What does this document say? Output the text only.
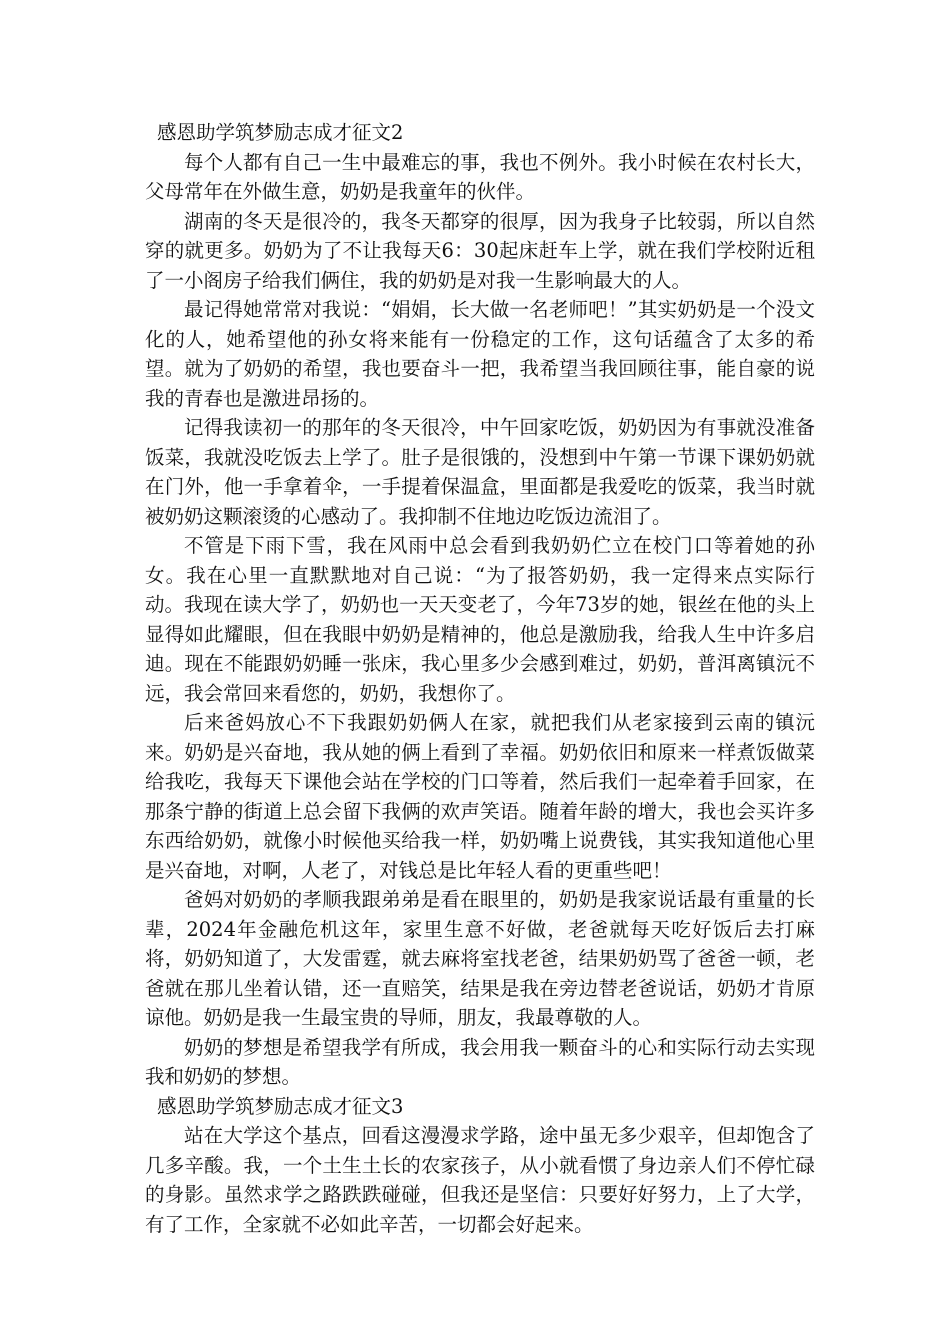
感恩助学筑梦励志成才征文2

每个人都有自己一生中最难忘的事，我也不例外。我小时候在农村长大，父母常年在外做生意，奶奶是我童年的伙伴。

湖南的冬天是很冷的，我冬天都穿的很厚，因为我身子比较弱，所以自然穿的就更多。奶奶为了不让我每天6：30起床赶车上学，就在我们学校附近租了一小阁房子给我们俩住，我的奶奶是对我一生影响最大的人。

最记得她常常对我说：“娟娟，长大做一名老师吧！”其实奶奶是一个没文化的人，她希望他的孙女将来能有一份稳定的工作，这句话蕴含了太多的希望。就为了奶奶的希望，我也要奋斗一把，我希望当我回顾往事，能自豪的说我的青春也是激进昂扬的。

记得我读初一的那年的冬天很冷，中午回家吃饭，奶奶因为有事就没准备饭菜，我就没吃饭去上学了。肚子是很饿的，没想到中午第一节课下课奶奶就在门外，他一手拿着伞，一手提着保温盒，里面都是我爱吃的饭菜，我当时就被奶奶这颗滚烫的心感动了。我抑制不住地边吃饭边流泪了。

不管是下雨下雪，我在风雨中总会看到我奶奶伫立在校门口等着她的孙女。我在心里一直默默地对自己说：“为了报答奶奶，我一定得来点实际行动。我现在读大学了，奶奶也一天天变老了，今年73岁的她，银丝在他的头上显得如此耀眼，但在我眼中奶奶是精神的，他总是激励我，给我人生中许多启迪。现在不能跟奶奶睡一张床，我心里多少会感到难过，奶奶，普洱离镇沅不远，我会常回来看您的，奶奶，我想你了。

后来爸妈放心不下我跟奶奶俩人在家，就把我们从老家接到云南的镇沅来。奶奶是兴奋地，我从她的俩上看到了幸福。奶奶依旧和原来一样煮饭做菜给我吃，我每天下课他会站在学校的门口等着，然后我们一起牵着手回家，在那条宁静的街道上总会留下我俩的欢声笑语。随着年龄的增大，我也会买许多东西给奶奶，就像小时候他买给我一样，奶奶嘴上说费钱，其实我知道他心里是兴奋地，对啊，人老了，对钱总是比年轻人看的更重些吧！

爸妈对奶奶的孝顺我跟弟弟是看在眼里的，奶奶是我家说话最有重量的长辈，2024年金融危机这年，家里生意不好做，老爸就每天吃好饭后去打麻将，奶奶知道了，大发雷霆，就去麻将室找老爸，结果奶奶骂了爸爸一顿，老爸就在那儿坐着认错，还一直赔笑，结果是我在旁边替老爸说话，奶奶才肯原谅他。奶奶是我一生最宝贵的导师，朋友，我最尊敬的人。

奶奶的梦想是希望我学有所成，我会用我一颗奋斗的心和实际行动去实现我和奶奶的梦想。

感恩助学筑梦励志成才征文3

站在大学这个基点，回看这漫漫求学路，途中虽无多少艰辛，但却饱含了几多辛酸。我，一个土生土长的农家孩子，从小就看惯了身边亲人们不停忙碌的身影。虽然求学之路跌跌碰碰，但我还是坚信：只要好好努力，上了大学，有了工作，全家就不必如此辛苦，一切都会好起来。
